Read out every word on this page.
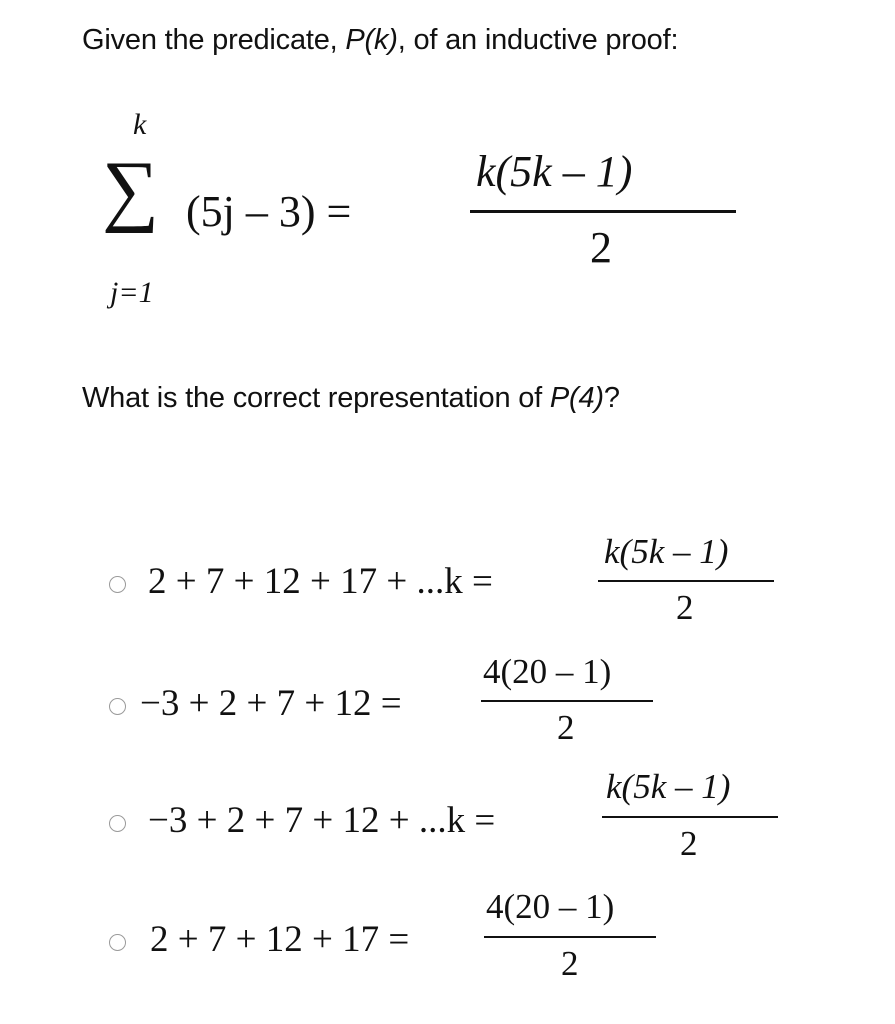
Given the predicate, P(k), of an inductive proof:
k
∑
j=1
(5j – 3) =
k(5k – 1)
2
What is the correct representation of P(4)?
2 + 7 + 12 + 17 + ...k =
k(5k – 1)
2
−3 + 2 + 7 + 12 =
4(20 – 1)
2
−3 + 2 + 7 + 12 + ...k =
k(5k – 1)
2
2 + 7 + 12 + 17 =
4(20 – 1)
2
